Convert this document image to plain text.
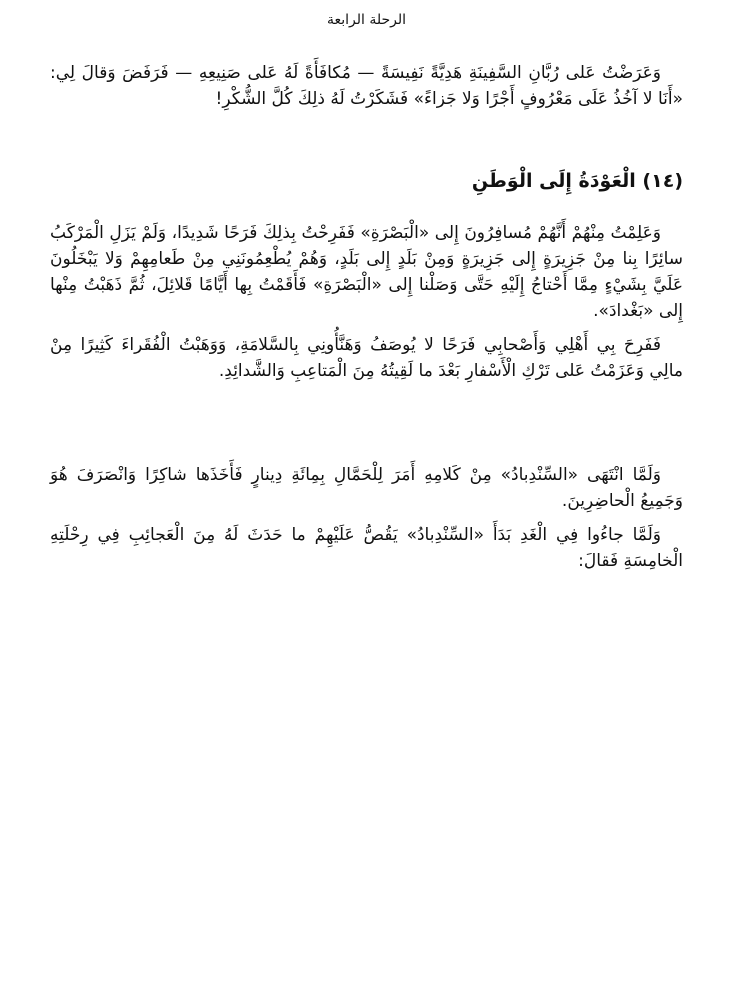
الرحلة الرابعة

وَعَرَضْتُ عَلى رُبَّانِ السَّفِينَةِ هَدِيَّةً نَفِيسَةً — مُكافَأَةً لَهُ عَلى صَنِيعِهِ — فَرَفَضَ وَقالَ لِي: «أَنَا لا آخُذُ عَلَى مَعْرُوفٍ أَجْرًا وَلا جَزاءً» فَشَكَرْتُ لَهُ ذلِكَ كُلَّ الشُّكْرِ!

(١٤) الْعَوْدَةُ إِلَى الْوَطَنِ

وَعَلِمْتُ مِنْهُمْ أَنَّهُمْ مُسافِرُونَ إِلى «الْبَصْرَةِ» فَفَرِحْتُ بِذلِكَ فَرَحًا شَدِيدًا، وَلَمْ يَزَلِ الْمَرْكَبُ سائِرًا بِنا مِنْ جَزِيرَةٍ إِلى جَزِيرَةٍ وَمِنْ بَلَدٍ إِلى بَلَدٍ، وَهُمْ يُطْعِمُونَنِي مِنْ طَعامِهِمْ وَلا يَبْخَلُونَ عَلَيَّ بِشَيْءٍ مِمَّا أَحْتاجُ إِلَيْهِ حَتَّى وَصَلْنا إِلى «الْبَصْرَةِ» فَأَقَمْتُ بِها أَيَّامًا قَلائِلَ، ثُمَّ ذَهَبْتُ مِنْها إِلى «بَغْدادَ».

فَفَرِحَ بِي أَهْلِي وَأَصْحابِي فَرَحًا لا يُوصَفُ وَهَنَّأُونِي بِالسَّلامَةِ، وَوَهَبْتُ الْفُقَراءَ كَثِيرًا مِنْ مالِي وَعَزَمْتُ عَلى تَرْكِ الْأَسْفارِ بَعْدَ ما لَقِيتُهُ مِنَ الْمَتاعِبِ وَالشَّدائِدِ.

وَلَمَّا انْتَهَى «السِّنْدِبادُ» مِنْ كَلامِهِ أَمَرَ لِلْحَمَّالِ بِمِائَةِ دِينارٍ فَأَخَذَها شاكِرًا وَانْصَرَفَ هُوَ وَجَمِيعُ الْحاضِرِينَ.

وَلَمَّا جاءُوا فِي الْغَدِ بَدَأَ «السِّنْدِبادُ» يَقُصُّ عَلَيْهِمْ ما حَدَثَ لَهُ مِنَ الْعَجائِبِ فِي رِحْلَتِهِ الْخامِسَةِ فَقالَ:
